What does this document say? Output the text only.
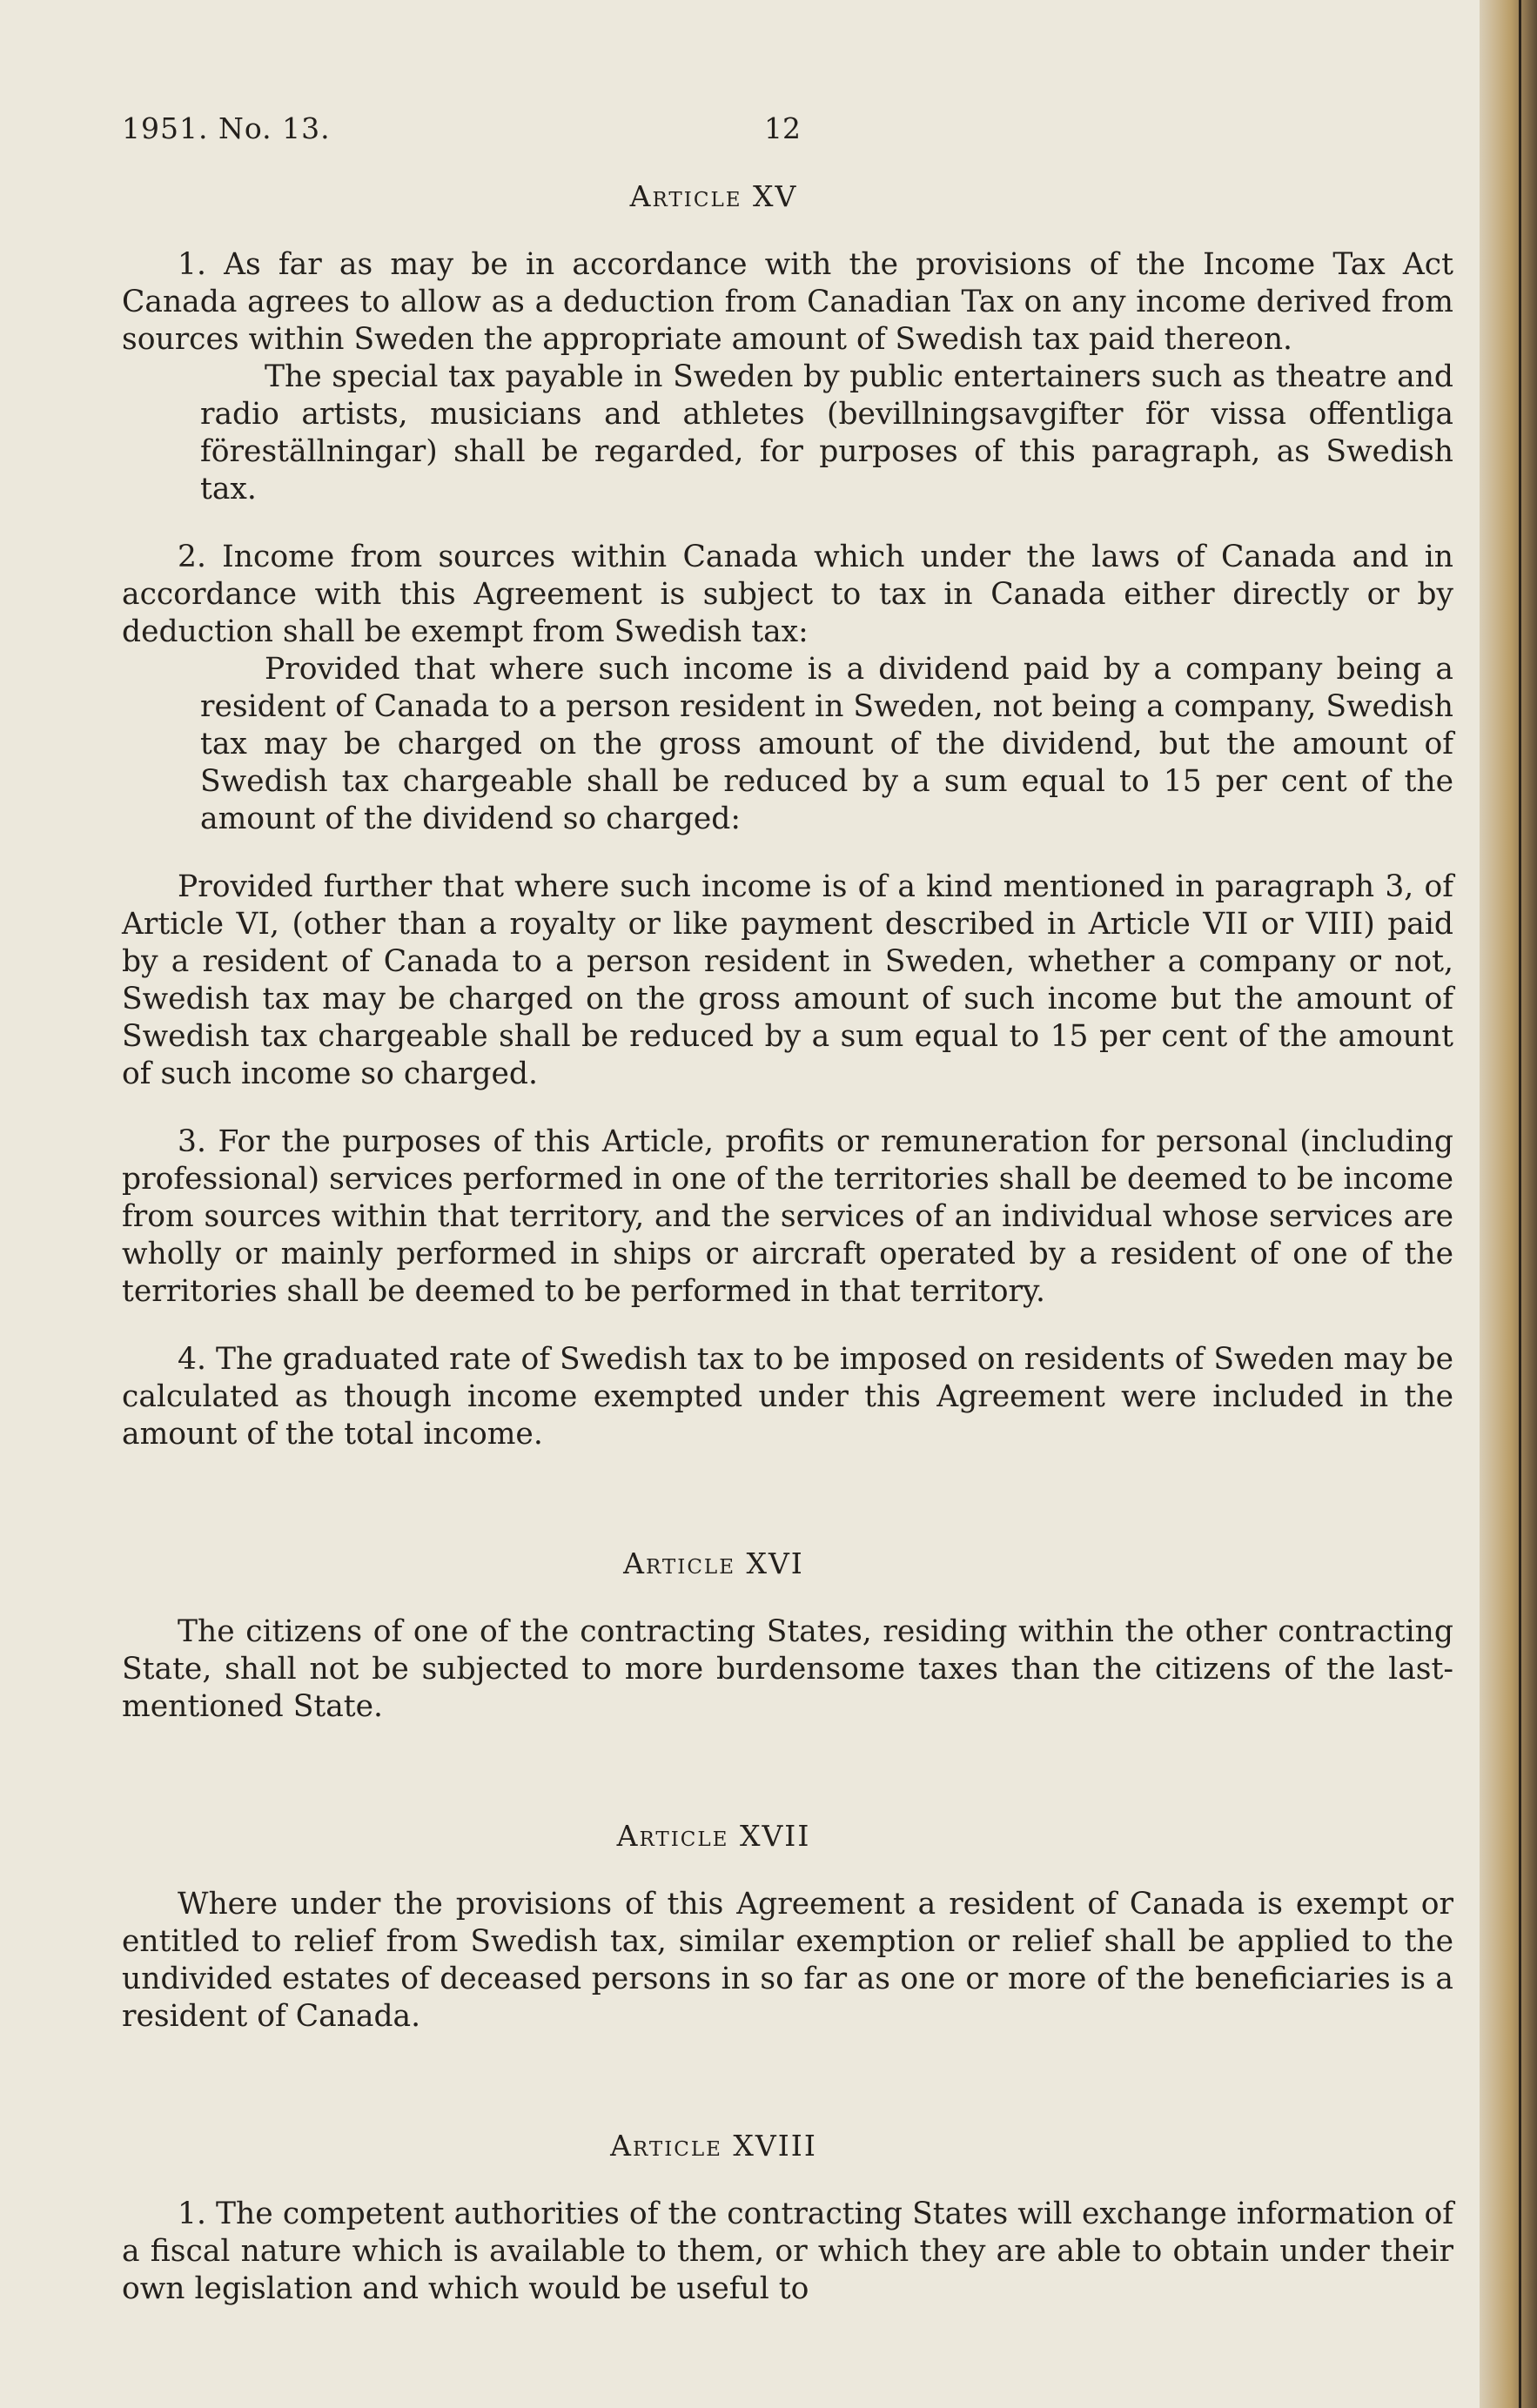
1951. No. 13.	12
Article XV

1. As far as may be in accordance with the provisions of the Income Tax Act Canada agrees to allow as a deduction from Canadian Tax on any income derived from sources within Sweden the appropriate amount of Swedish tax paid thereon.

The special tax payable in Sweden by public entertainers such as theatre and radio artists, musicians and athletes (bevillningsavgifter för vissa offentliga föreställningar) shall be regarded, for purposes of this paragraph, as Swedish tax.

2. Income from sources within Canada which under the laws of Canada and in accordance with this Agreement is subject to tax in Canada either directly or by deduction shall be exempt from Swedish tax:

Provided that where such income is a dividend paid by a company being a resident of Canada to a person resident in Sweden, not being a company, Swedish tax may be charged on the gross amount of the dividend, but the amount of Swedish tax chargeable shall be reduced by a sum equal to 15 per cent of the amount of the dividend so charged:

Provided further that where such income is of a kind mentioned in paragraph 3, of Article VI, (other than a royalty or like payment described in Article VII or VIII) paid by a resident of Canada to a person resident in Sweden, whether a company or not, Swedish tax may be charged on the gross amount of such income but the amount of Swedish tax chargeable shall be reduced by a sum equal to 15 per cent of the amount of such income so charged.

3. For the purposes of this Article, profits or remuneration for personal (including professional) services performed in one of the territories shall be deemed to be income from sources within that territory, and the services of an individual whose services are wholly or mainly performed in ships or aircraft operated by a resident of one of the territories shall be deemed to be performed in that territory.

4. The graduated rate of Swedish tax to be imposed on residents of Sweden may be calculated as though income exempted under this Agreement were included in the amount of the total income.

Article XVI

The citizens of one of the contracting States, residing within the other contracting State, shall not be subjected to more burdensome taxes than the citizens of the last-mentioned State.

Article XVII

Where under the provisions of this Agreement a resident of Canada is exempt or entitled to relief from Swedish tax, similar exemption or relief shall be applied to the undivided estates of deceased persons in so far as one or more of the beneficiaries is a resident of Canada.

Article XVIII

1. The competent authorities of the contracting States will exchange information of a fiscal nature which is available to them, or which they are able to obtain under their own legislation and which would be useful to
